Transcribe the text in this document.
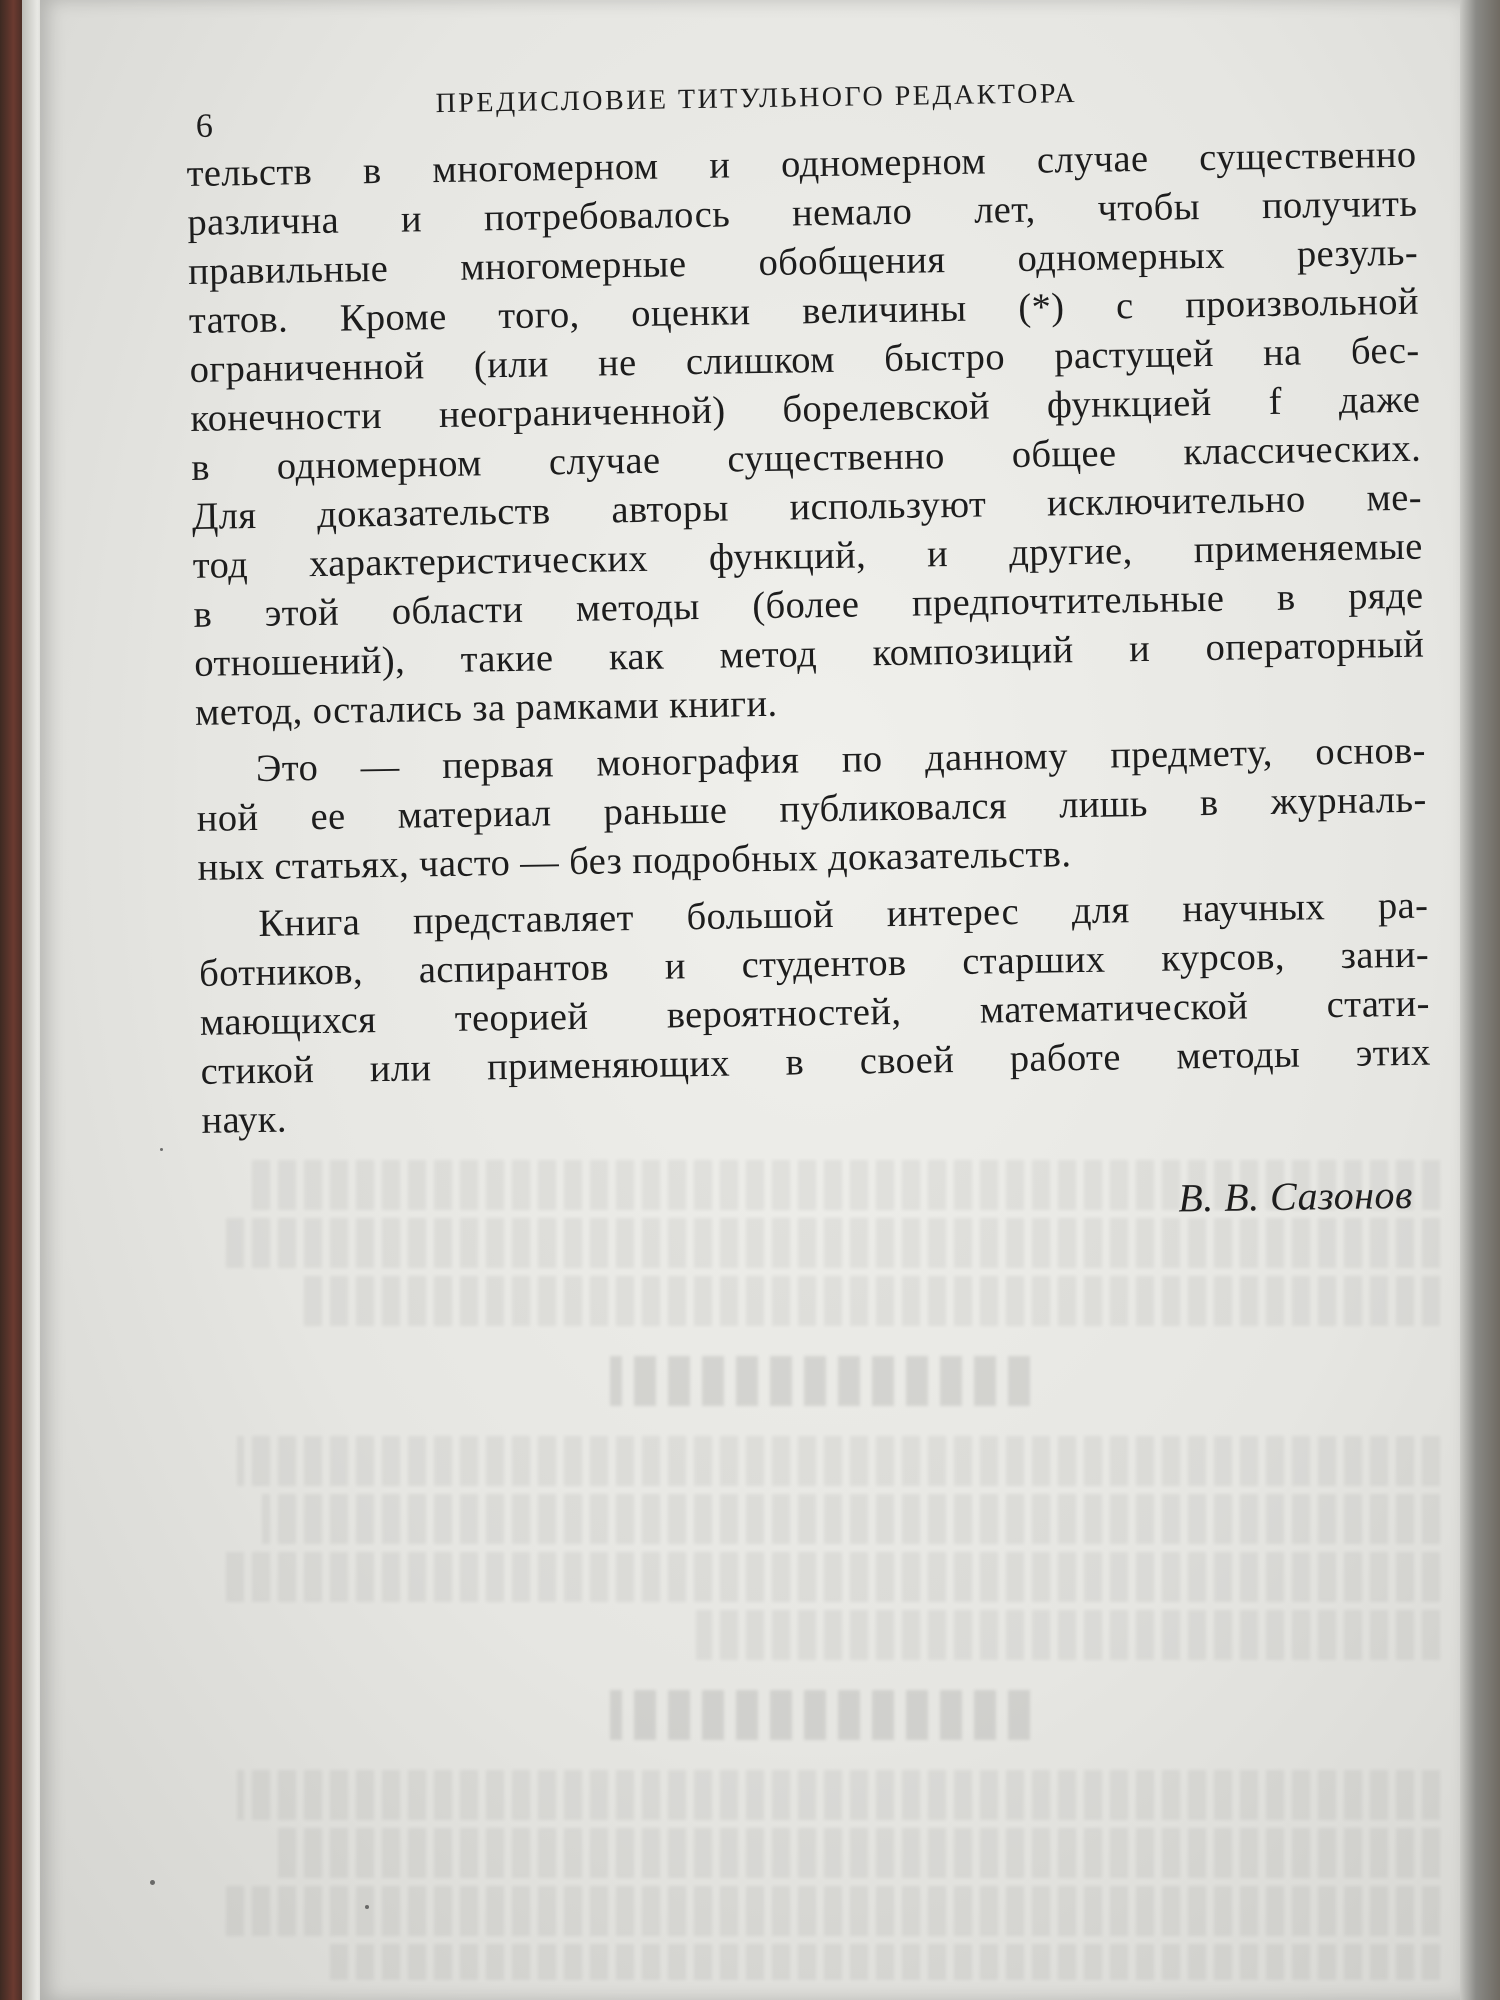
6
ПРЕДИСЛОВИЕ ТИТУЛЬНОГО РЕДАКТОРА

тельств в многомерном и одномерном случае существенно
различна и потребовалось немало лет, чтобы получить
правильные многомерные обобщения одномерных резуль-
татов. Кроме того, оценки величины (*) с произвольной
ограниченной (или не слишком быстро растущей на бес-
конечности неограниченной) борелевской функцией f даже
в одномерном случае существенно общее классических.
Для доказательств авторы используют исключительно ме-
тод характеристических функций, и другие, применяемые
в этой области методы (более предпочтительные в ряде
отношений), такие как метод композиций и операторный
метод, остались за рамками книги.

Это — первая монография по данному предмету, основ-
ной ее материал раньше публиковался лишь в журналь-
ных статьях, часто — без подробных доказательств.

Книга представляет большой интерес для научных ра-
ботников, аспирантов и студентов старших курсов, зани-
мающихся теорией вероятностей, математической стати-
стикой или применяющих в своей работе методы этих
наук.

В. В. Сазонов
